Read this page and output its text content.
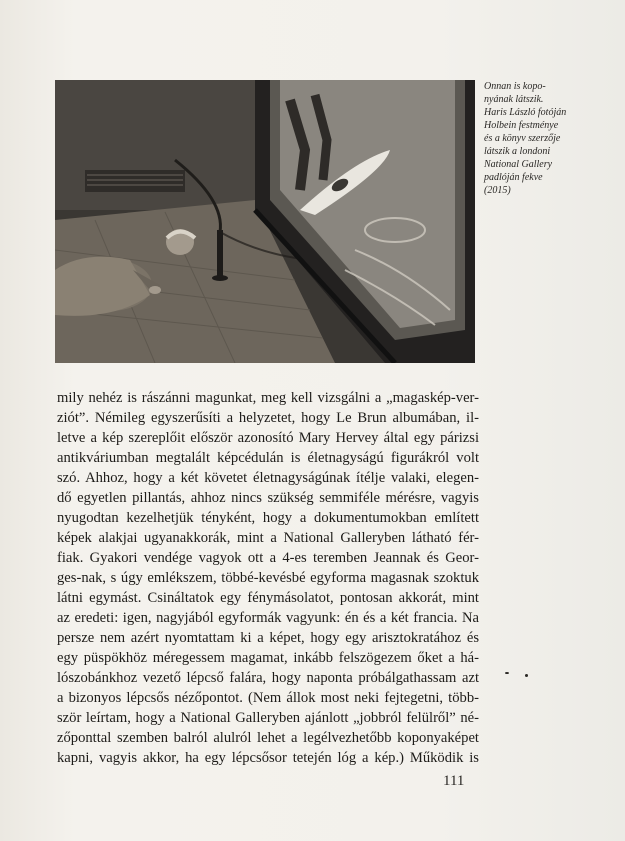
Onnan is kopo-
nyának látszik.
Haris László fotóján
Holbein festménye
és a könyv szerzője
látszik a londoni
National Gallery
padlóján fekve
(2015)
mily nehéz is rászánni magunkat, meg kell vizsgálni a „magaskép-ver-
ziót”. Némileg egyszerűsíti a helyzetet, hogy Le Brun albumában, il-
letve a kép szereplőit először azonosító Mary Hervey által egy párizsi
antikváriumban megtalált képcédulán is életnagyságú figurákról volt
szó. Ahhoz, hogy a két követet életnagyságúnak ítélje valaki, elegen-
dő egyetlen pillantás, ahhoz nincs szükség semmiféle mérésre, vagyis
nyugodtan kezelhetjük tényként, hogy a dokumentumokban említett
képek alakjai ugyanakkorák, mint a National Galleryben látható fér-
fiak. Gyakori vendége vagyok ott a 4-es teremben Jeannak és Geor-
ges-nak, s úgy emlékszem, többé-kevésbé egyforma magasnak szoktuk
látni egymást. Csináltatok egy fénymásolatot, pontosan akkorát, mint
az eredeti: igen, nagyjából egyformák vagyunk: én és a két francia. Na
persze nem azért nyomtattam ki a képet, hogy egy arisztokratához és
egy püspökhöz méregessem magamat, inkább felszögezem őket a há-
lószobánkhoz vezető lépcső falára, hogy naponta próbálgathassam azt
a bizonyos lépcsős nézőpontot. (Nem állok most neki fejtegetni, több-
ször leírtam, hogy a National Galleryben ajánlott „jobbról felülről” né-
zőponttal szemben balról alulról lehet a legélvezhetőbb koponyaképet
kapni, vagyis akkor, ha egy lépcsősor tetején lóg a kép.) Működik is
111
